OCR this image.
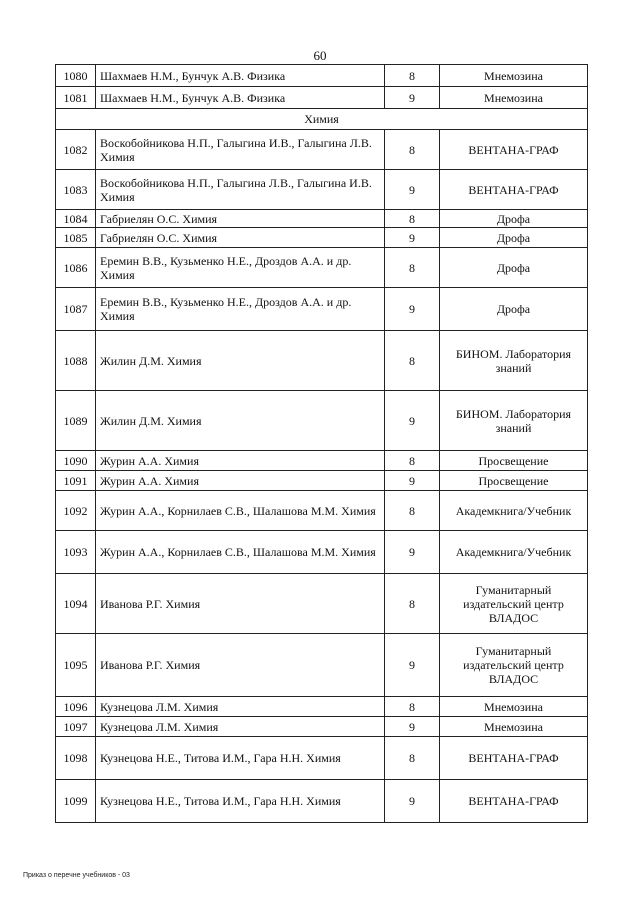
60
1080	Шахмаев Н.М., Бунчук А.В. Физика	8	Мнемозина
1081	Шахмаев Н.М., Бунчук А.В. Физика	9	Мнемозина
Химия			
1082	Воскобойникова Н.П., Галыгина И.В., Галыгина Л.В. Химия	8	ВЕНТАНА-ГРАФ
1083	Воскобойникова Н.П., Галыгина Л.В., Галыгина И.В. Химия	9	ВЕНТАНА-ГРАФ
1084	Габриелян О.С. Химия	8	Дрофа
1085	Габриелян О.С. Химия	9	Дрофа
1086	Еремин В.В., Кузьменко Н.Е., Дроздов А.А. и др. Химия	8	Дрофа
1087	Еремин В.В., Кузьменко Н.Е., Дроздов А.А. и др. Химия	9	Дрофа
1088	Жилин Д.М. Химия	8	БИНОМ. Лаборатория знаний
1089	Жилин Д.М. Химия	9	БИНОМ. Лаборатория знаний
1090	Журин А.А. Химия	8	Просвещение
1091	Журин А.А. Химия	9	Просвещение
1092	Журин А.А., Корнилаев С.В., Шалашова М.М. Химия	8	Академкнига/Учебник
1093	Журин А.А., Корнилаев С.В., Шалашова М.М. Химия	9	Академкнига/Учебник
1094	Иванова Р.Г. Химия	8	Гуманитарный издательский центр ВЛАДОС
1095	Иванова Р.Г. Химия	9	Гуманитарный издательский центр ВЛАДОС
1096	Кузнецова Л.М. Химия	8	Мнемозина
1097	Кузнецова Л.М. Химия	9	Мнемозина
1098	Кузнецова Н.Е., Титова И.М., Гара Н.Н. Химия	8	ВЕНТАНА-ГРАФ
1099	Кузнецова Н.Е., Титова И.М., Гара Н.Н. Химия	9	ВЕНТАНА-ГРАФ
Приказ о перечне учебников - 03
